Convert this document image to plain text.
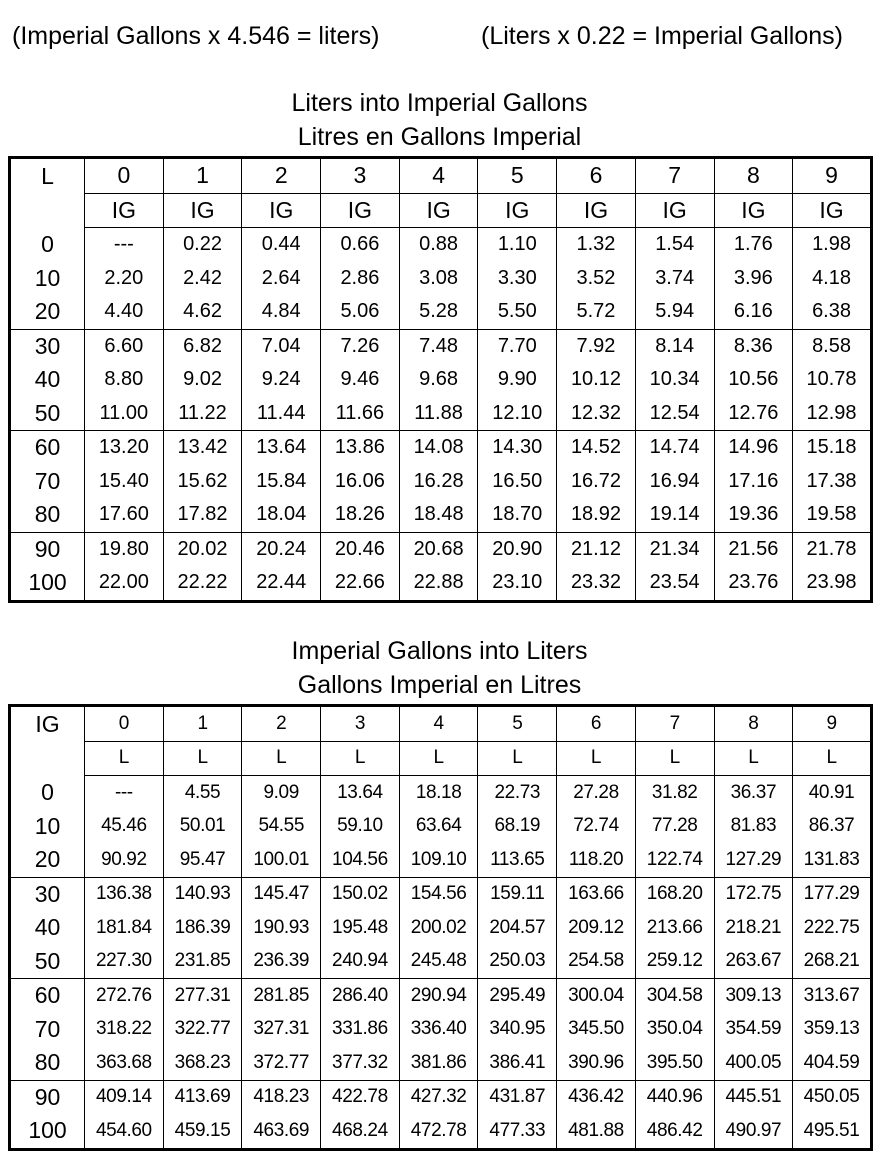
(Imperial Gallons x 4.546 = liters)	(Liters x 0.22 = Imperial Gallons)
Liters into Imperial Gallons
Litres en Gallons Imperial
L	0	1	2	3	4	5	6	7	8	9
	IG	IG	IG	IG	IG	IG	IG	IG	IG	IG
0	---	0.22	0.44	0.66	0.88	1.10	1.32	1.54	1.76	1.98
10	2.20	2.42	2.64	2.86	3.08	3.30	3.52	3.74	3.96	4.18
20	4.40	4.62	4.84	5.06	5.28	5.50	5.72	5.94	6.16	6.38
30	6.60	6.82	7.04	7.26	7.48	7.70	7.92	8.14	8.36	8.58
40	8.80	9.02	9.24	9.46	9.68	9.90	10.12	10.34	10.56	10.78
50	11.00	11.22	11.44	11.66	11.88	12.10	12.32	12.54	12.76	12.98
60	13.20	13.42	13.64	13.86	14.08	14.30	14.52	14.74	14.96	15.18
70	15.40	15.62	15.84	16.06	16.28	16.50	16.72	16.94	17.16	17.38
80	17.60	17.82	18.04	18.26	18.48	18.70	18.92	19.14	19.36	19.58
90	19.80	20.02	20.24	20.46	20.68	20.90	21.12	21.34	21.56	21.78
100	22.00	22.22	22.44	22.66	22.88	23.10	23.32	23.54	23.76	23.98
Imperial Gallons into Liters
Gallons Imperial en Litres
IG	0	1	2	3	4	5	6	7	8	9
	L	L	L	L	L	L	L	L	L	L
0	---	4.55	9.09	13.64	18.18	22.73	27.28	31.82	36.37	40.91
10	45.46	50.01	54.55	59.10	63.64	68.19	72.74	77.28	81.83	86.37
20	90.92	95.47	100.01	104.56	109.10	113.65	118.20	122.74	127.29	131.83
30	136.38	140.93	145.47	150.02	154.56	159.11	163.66	168.20	172.75	177.29
40	181.84	186.39	190.93	195.48	200.02	204.57	209.12	213.66	218.21	222.75
50	227.30	231.85	236.39	240.94	245.48	250.03	254.58	259.12	263.67	268.21
60	272.76	277.31	281.85	286.40	290.94	295.49	300.04	304.58	309.13	313.67
70	318.22	322.77	327.31	331.86	336.40	340.95	345.50	350.04	354.59	359.13
80	363.68	368.23	372.77	377.32	381.86	386.41	390.96	395.50	400.05	404.59
90	409.14	413.69	418.23	422.78	427.32	431.87	436.42	440.96	445.51	450.05
100	454.60	459.15	463.69	468.24	472.78	477.33	481.88	486.42	490.97	495.51
